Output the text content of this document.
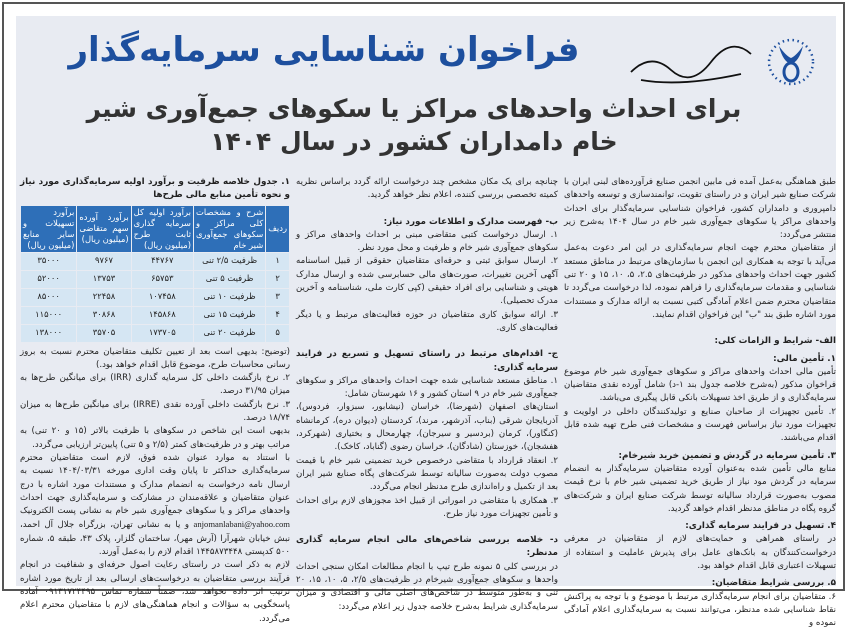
فراخوان شناسایی سرمایه‌گذار
برای احداث واحدهای مراکز یا سکوهای جمع‌آوری شیر خام دامداران کشور در سال ۱۴۰۴

طبق هماهنگی به‌عمل آمده فی مابین انجمن صنایع فرآورده‌های لبنی ایران با شرکت صنایع شیر ایران و در راستای تقویت، توانمندسازی و توسعه واحدهای دامپروری و دامداران کشور، فراخوان شناسایی سرمایه‌گذار برای احداث واحدهای مراکز یا سکوهای جمع‌آوری شیر خام در سال ۱۴۰۴ به‌شرح زیر منتشر می‌گردد:

از متقاضیان محترم جهت انجام سرمایه‌گذاری در این امر دعوت به‌عمل می‌آید با توجه به همکاری این انجمن با سازمان‌های مرتبط در مناطق مستعد کشور جهت احداث واحدهای مذکور در ظرفیت‌های ۲.۵، ۵، ۱۰، ۱۵ و ۲۰ تنی شناسایی و مقدمات سرمایه‌گذاری را فراهم نموده، لذا درخواست می‌گردد تا متقاضیان محترم ضمن اعلام آمادگی کتبی نسبت به ارائه مدارک و مستندات مورد اشاره طبق بند "ب" این فراخوان اقدام نمایند.

الف- شرایط و الزامات کلی:
۱. تأمین مالی:

تأمین مالی احداث واحدهای مراکز و سکوهای جمع‌آوری شیر خام موضوع فراخوان مذکور (به‌شرح خلاصه جدول بند ۱-د) شامل آورده نقدی متقاضیان سرمایه‌گذاری و از طریق اخذ تسهیلات بانکی قابل پیگیری می‌باشد.

۲. تأمین تجهیزات از صاحبان صنایع و تولیدکنندگان داخلی در اولویت و تجهیزات مورد نیاز براساس فهرست و مشخصات فنی طرح تهیه شده قابل اقدام می‌باشند.

۳. تأمین سرمایه در گردش و تضمین خرید شیرخام:

منابع مالی تأمین شده به‌عنوان آورده متقاضیان سرمایه‌گذار به انضمام سرمایه در گردش مود نیاز از طریق خرید تضمینی شیر خام با نرخ قیمت مصوب به‌صورت قرارداد سالیانه توسط شرکت صنایع ایران و شرکت‌های گروه پگاه در مناطق مدنظر اقدام خواهد گردید.

۴. تسهیل در فرایند سرمایه گذاری:

در راستای همراهی و حمایت‌های لازم از متقاضیان در معرفی درخواست‌کنندگان به بانک‌های عامل برای پذیرش عاملیت و استفاده از تسهیلات اعتباری قابل اقدام خواهد بود.

۵. بررسی شرایط متقاضیان:

۶. متقاضیان برای انجام سرمایه‌گذاری مرتبط با موضوع و با توجه به پراکنش نقاط شناسایی شده مدنظر، می‌توانند نسبت به سرمایه‌گذاری اعلام آمادگی نموده و

چنانچه برای یک مکان مشخص چند درخواست ارائه گردد براساس نظریه کمیته تخصصی بررسی کننده، اعلام نظر خواهد گردید.

ب- فهرست مدارک و اطلاعات مورد نیاز:

۱. ارسال درخواست کتبی متقاضی مبنی بر احداث واحدهای مراکز و سکوهای جمع‌آوری شیر خام و ظرفیت و محل مورد نظر.

۲. ارسال سوابق ثبتی و حرفه‌ای متقاضیان حقوقی از قبیل اساسنامه آگهی آخرین تغییرات، صورت‌های مالی حسابرسی شده و ارسال مدارک هویتی و شناسایی برای افراد حقیقی (کپی کارت ملی، شناسنامه و آخرین مدرک تحصیلی).

۳. ارائه سوابق کاری متقاضیان در حوزه فعالیت‌های مرتبط و یا دیگر فعالیت‌های کاری.

ج- اقدام‌های مرتبط در راستای تسهیل و تسریع در فرایند سرمایه گذاری:

۱. مناطق مستعد شناسایی شده جهت احداث واحدهای مراکز و سکوهای جمع‌آوری شیر خام در ۹ استان کشور و ۱۶ شهرستان شامل:

استان‌های اصفهان (شهرضا)، خراسان (نیشابور، سبزوار، فردوس)، آذربایجان شرقی (بناب، آذرشهر، مرند)، کردستان (دیوان دره)، کرمانشاه (کنگاور)، کرمان (بردسیر و سیرجان)، چهارمحال و بختیاری (شهرکرد، هفشجان)، خوزستان (شادگان)، خراسان رضوی (گناباد، کاخک).

۲. انعقاد قرارداد با متقاضی درخصوص خرید تضمینی شیر خام با قیمت مصوب دولت به‌صورت سالیانه توسط شرکت‌های پگاه صنایع شیر ایران بعد از تکمیل و راه‌اندازی طرح مدنظر انجام می‌گردد.

۳. همکاری با متقاضی در اموراتی از قبیل اخذ مجوزهای لازم برای احداث و تأمین تجهیزات مورد نیاز طرح.

د- خلاصه بررسی شاخص‌های مالی انجام سرمایه گذاری مدنظر:

در بررسی کلی ۵ نمونه طرح تیپ با انجام مطالعات امکان سنجی احداث واحدها و سکوهای جمع‌آوری شیرخام در ظرفیت‌های ۲/۵، ۵، ۱۰، ۱۵، ۲۰ تنی و به‌طور متوسط در شاخص‌های اصلی مالی و اقتصادی و میزان سرمایه‌گذاری شرایط به‌شرح خلاصه جدول زیر اعلام می‌گردد:

۱. جدول خلاصه ظرفیت و برآورد اولیه سرمایه‌گذاری مورد نیاز و نحوه تأمین منابع مالی طرح‌ها
ردیف	شرح و مشخصات کلی مراکز و سکوهای جمع‌آوری شیر خام	برآورد اولیه کل سرمایه گذاری ثابت طرح (میلیون ریال)	برآورد آورده سهم متقاضی (میلیون ریال)	برآورد تسهیلات و سایر منابع (میلیون ریال)
۱	ظرفیت ۲/۵ تنی	۴۴۷۶۷	۹۷۶۷	۳۵۰۰۰
۲	ظرفیت ۵ تنی	۶۵۷۵۳	۱۳۷۵۳	۵۲۰۰۰
۳	ظرفیت ۱۰ تنی	۱۰۷۴۵۸	۲۲۴۵۸	۸۵۰۰۰
۴	ظرفیت ۱۵ تنی	۱۴۵۸۶۸	۳۰۸۶۸	۱۱۵۰۰۰
۵	ظرفیت ۲۰ تنی	۱۷۳۷۰۵	۳۵۷۰۵	۱۳۸۰۰۰

(توضیح: بدیهی است بعد از تعیین تکلیف متقاضیان محترم نسبت به بروز رسانی محاسبات طرح، موضوع قابل اقدام خواهد بود.)

۲. نرخ بازگشت داخلی کل سرمایه گذاری (IRR) برای میانگین طرح‌ها به میزان ۳۱/۹۵ درصد.

۳. نرخ بازگشت داخلی آورده نقدی (IRRE) برای میانگین طرح‌ها به میزان ۱۸/۷۴ درصد.

بدیهی است این شاخص در سکوهای با ظرفیت بالاتر (۱۵ و ۲۰ تنی) به مراتب بهتر و در ظرفیت‌های کمتر (۲/۵ و ۵ تنی) پایین‌تر ارزیابی می‌گردد.

با استناد به موارد عنوان شده فوق، لازم است متقاضیان محترم سرمایه‌گذاری حداکثر تا پایان وقت اداری مورخه ۱۴۰۴/۰۳/۳۱ نسبت به ارسال نامه درخواست به انضمام مدارک و مستندات مورد اشاره با درج عنوان متقاضیان و علاقه‌مندان در مشارکت و سرمایه‌گذاری جهت احداث واحدهای مراکز و یا سکوهای جمع‌آوری شیر خام به نشانی پست الکترونیک anjomanlabani@yahoo.com و یا به نشانی تهران، بزرگراه جلال آل احمد، نبش خیابان شهرآرا (آرش مهر)، ساختمان گلزار، پلاک ۴۳، طبقه ۵، شماره ۵۰۰ کدپستی ۱۴۴۵۸۷۳۴۴۸ اقدام لازم را به‌عمل آورند.

لازم به ذکر است در راستای رعایت اصول حرفه‌ای و شفافیت در انجام فرآیند بررسی متقاضیان به درخواست‌های ارسالی بعد از تاریخ مورد اشاره ترتیب اثر داده نخواهد شد، ضمناً شماره تماس ۰۹۱۳۱۷۲۴۴۹۵ آماده پاسخگویی به سؤالات و انجام هماهنگی‌های لازم با متقاضیان محترم اعلام می‌گردد.
